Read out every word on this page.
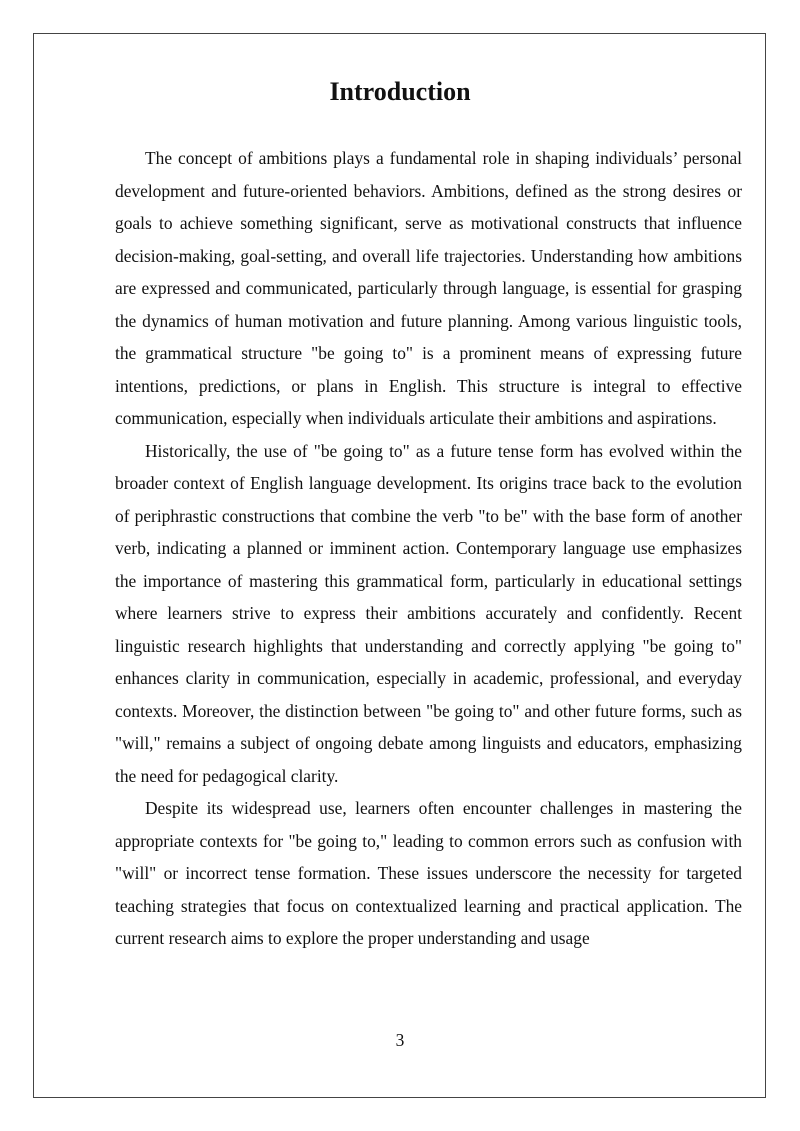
Introduction

The concept of ambitions plays a fundamental role in shaping individuals’ personal development and future-oriented behaviors. Ambitions, defined as the strong desires or goals to achieve something significant, serve as motivational constructs that influence decision-making, goal-setting, and overall life trajectories. Understanding how ambitions are expressed and communicated, particularly through language, is essential for grasping the dynamics of human motivation and future planning. Among various linguistic tools, the grammatical structure "be going to" is a prominent means of expressing future intentions, predictions, or plans in English. This structure is integral to effective communication, especially when individuals articulate their ambitions and aspirations.

Historically, the use of "be going to" as a future tense form has evolved within the broader context of English language development. Its origins trace back to the evolution of periphrastic constructions that combine the verb "to be" with the base form of another verb, indicating a planned or imminent action. Contemporary language use emphasizes the importance of mastering this grammatical form, particularly in educational settings where learners strive to express their ambitions accurately and confidently. Recent linguistic research highlights that understanding and correctly applying "be going to" enhances clarity in communication, especially in academic, professional, and everyday contexts. Moreover, the distinction between "be going to" and other future forms, such as "will," remains a subject of ongoing debate among linguists and educators, emphasizing the need for pedagogical clarity.

Despite its widespread use, learners often encounter challenges in mastering the appropriate contexts for "be going to," leading to common errors such as confusion with "will" or incorrect tense formation. These issues underscore the necessity for targeted teaching strategies that focus on contextualized learning and practical application. The current research aims to explore the proper understanding and usage

3
